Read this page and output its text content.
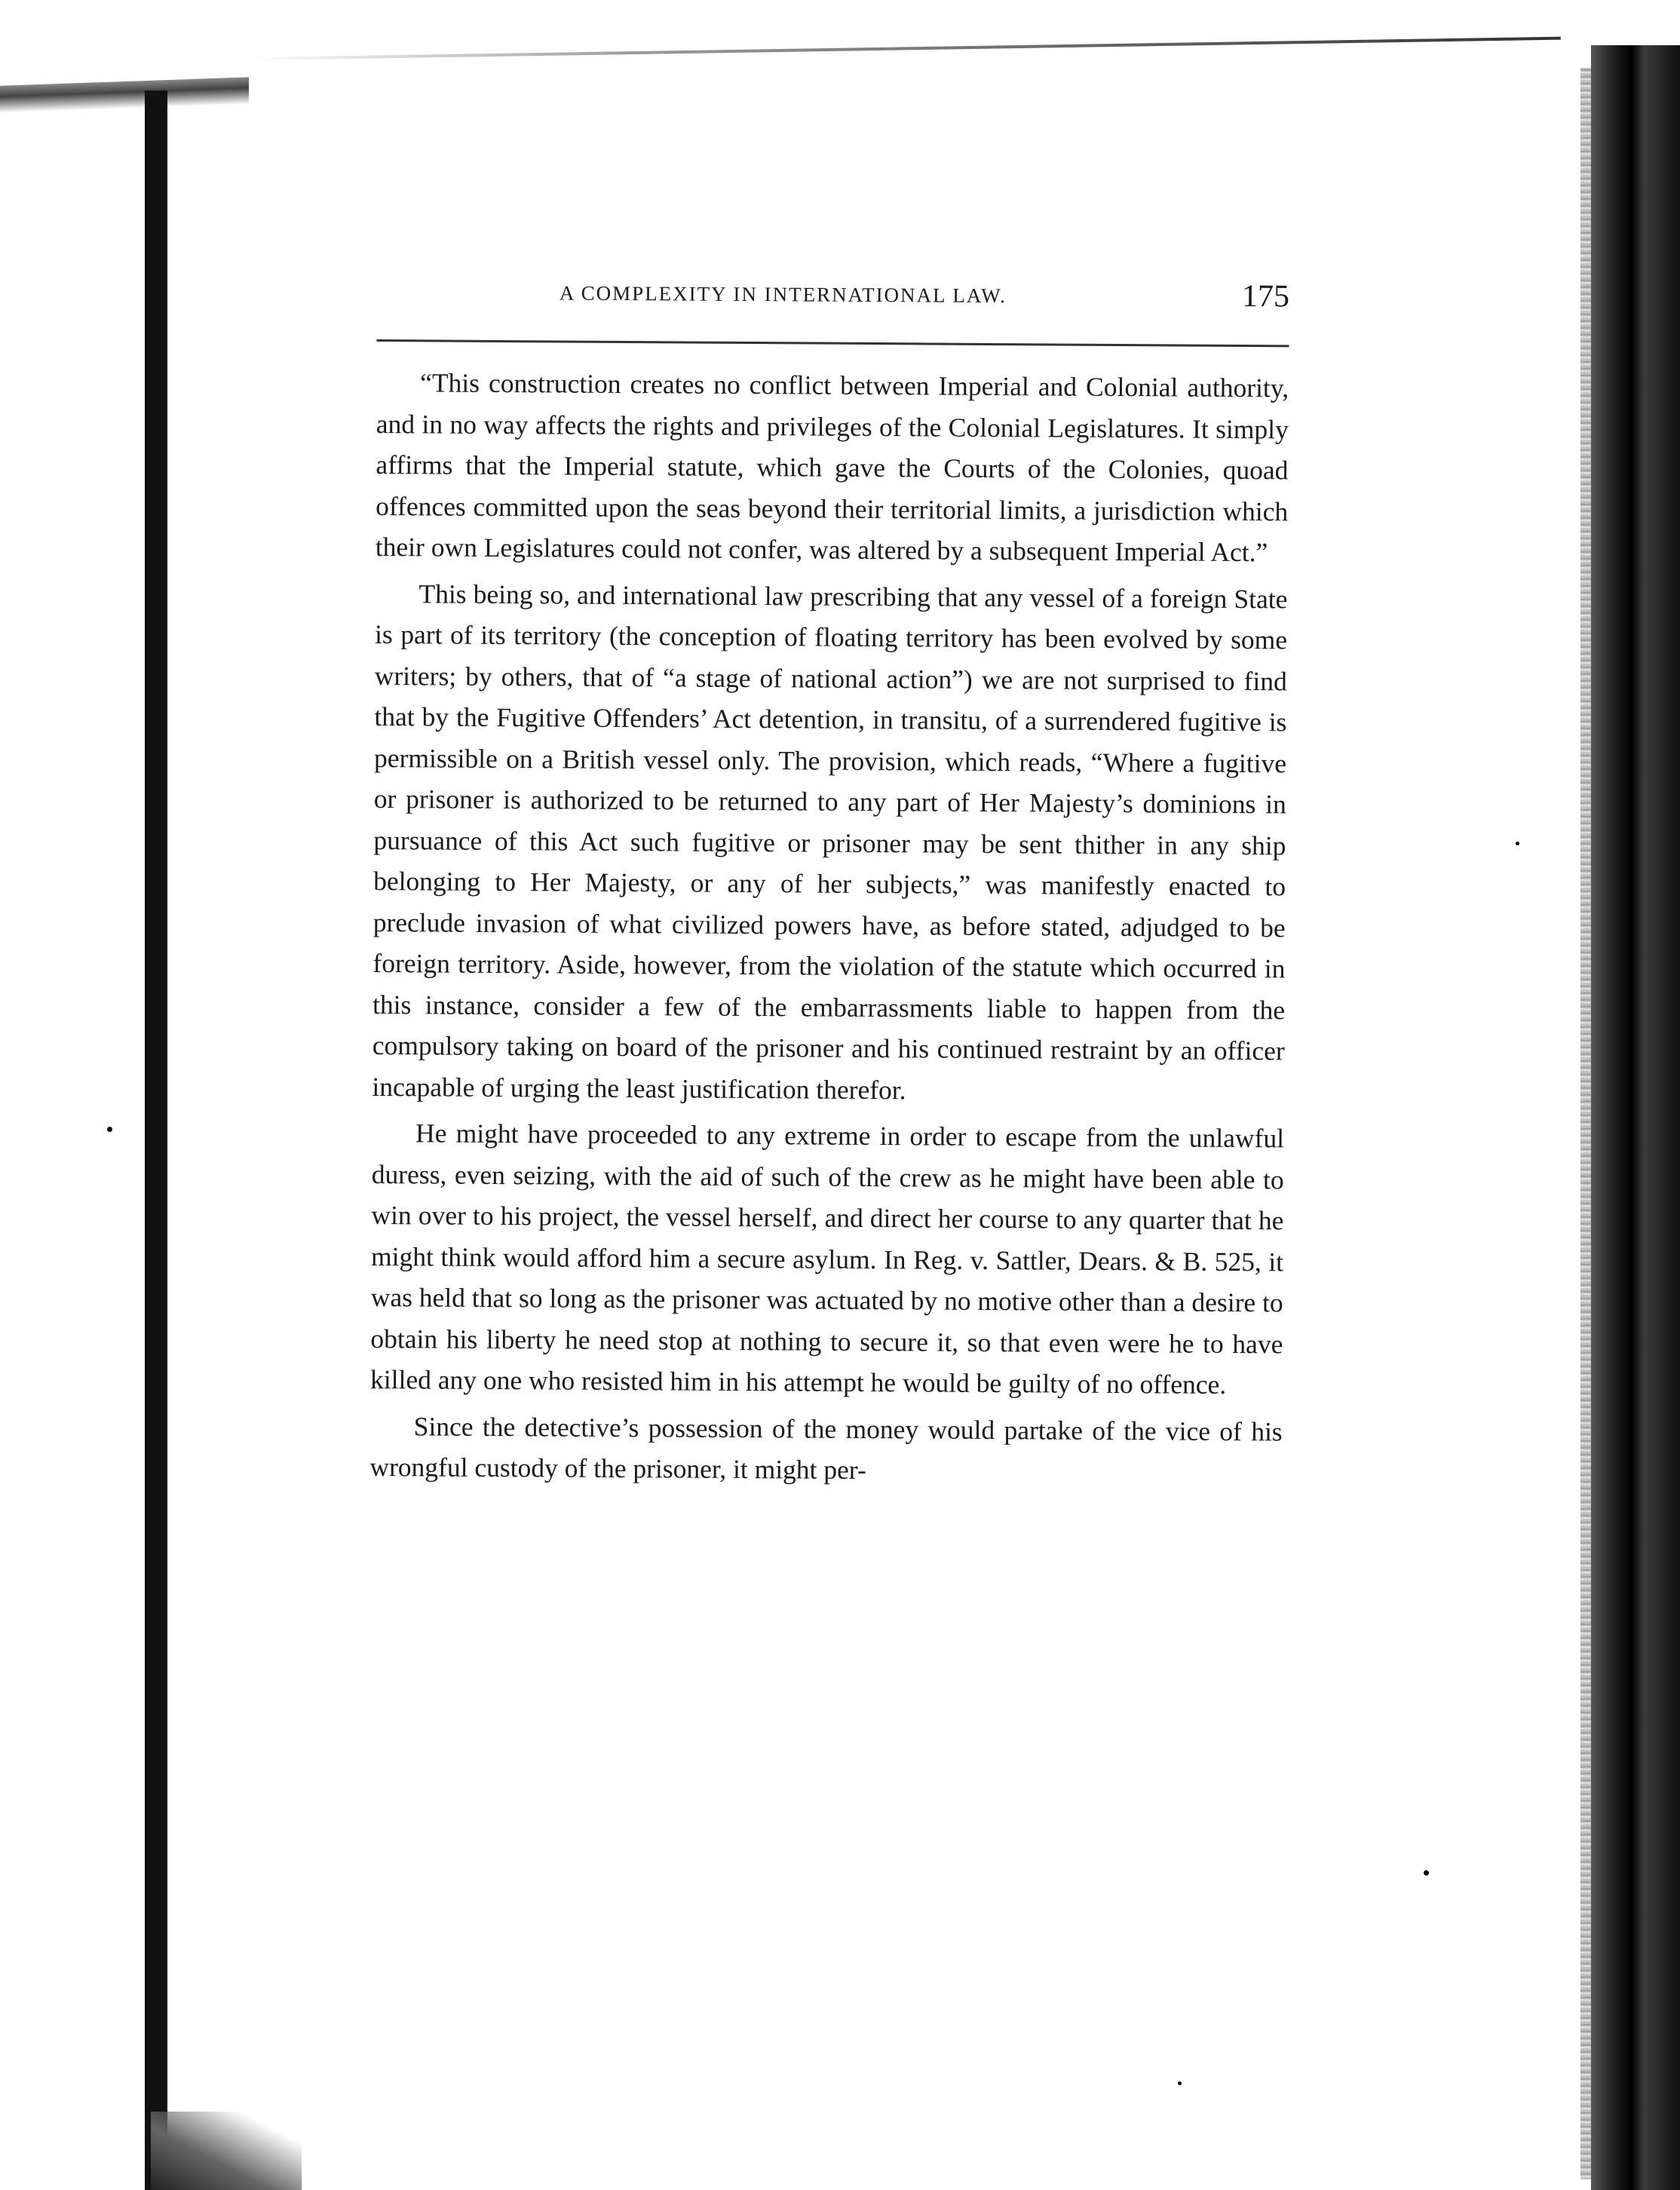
A COMPLEXITY IN INTERNATIONAL LAW.	175

“This construction creates no conflict between Imperial and Colonial authority, and in no way affects the rights and privileges of the Colonial Legislatures. It simply affirms that the Imperial statute, which gave the Courts of the Colonies, quoad offences committed upon the seas beyond their territorial limits, a jurisdiction which their own Legislatures could not confer, was altered by a subsequent Imperial Act.”

This being so, and international law prescribing that any vessel of a foreign State is part of its territory (the conception of floating territory has been evolved by some writers; by others, that of “a stage of national action”) we are not surprised to find that by the Fugitive Offenders’ Act detention, in transitu, of a surrendered fugitive is permissible on a British vessel only. The provision, which reads, “Where a fugitive or prisoner is authorized to be returned to any part of Her Majesty’s dominions in pursuance of this Act such fugitive or prisoner may be sent thither in any ship belonging to Her Majesty, or any of her subjects,” was manifestly enacted to preclude invasion of what civilized powers have, as before stated, adjudged to be foreign territory. Aside, however, from the violation of the statute which occurred in this instance, consider a few of the embarrassments liable to happen from the compulsory taking on board of the prisoner and his continued restraint by an officer incapable of urging the least justification therefor.

He might have proceeded to any extreme in order to escape from the unlawful duress, even seizing, with the aid of such of the crew as he might have been able to win over to his project, the vessel herself, and direct her course to any quarter that he might think would afford him a secure asylum. In Reg. v. Sattler, Dears. & B. 525, it was held that so long as the prisoner was actuated by no motive other than a desire to obtain his liberty he need stop at nothing to secure it, so that even were he to have killed any one who resisted him in his attempt he would be guilty of no offence.

Since the detective’s possession of the money would partake of the vice of his wrongful custody of the prisoner, it might per-
